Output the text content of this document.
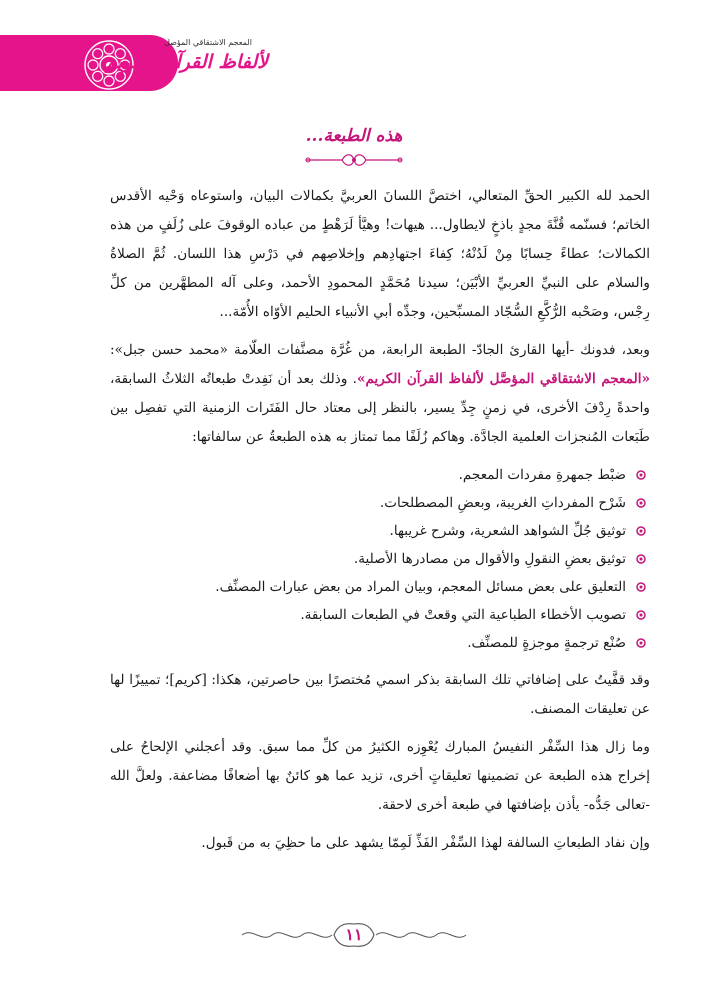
المعجم الاشتقاقي المؤصل
لألفاظ القرآن الكريم
هذه الطبعة...

الحمد لله الكبير الحقِّ المتعالي، اختصَّ اللسانَ العربيَّ بكمالات البيان، واستوعاه وَحْيه الأقدس الخاتم؛ فسنّمه قُنَّةَ مجدٍ باذخٍ لايطاول... هيهات! وهيَّأ لَرَهْطٍ من عباده الوقوفَ على زُلَفٍ من هذه الكمالات؛ عطاءً حِسابًا مِنْ لَدُنْهُ؛ كِفاءَ اجتهادِهم وإخلاصِهم في دَرْسِ هذا اللسان. ثُمَّ الصلاةُ والسلام على النبيِّ العربيِّ الأبْيَن؛ سيدنا مُحَمَّدٍ المحمودِ الأحمد، وعلى آله المطهَّرين من كلِّ رِجْس، وصَحْبه الرُّكَّعِ السُّجّاد المسبِّحين، وجدِّه أبي الأنبياء الحليم الأوّاه الأُمّة...

وبعد، فدونك -أيها القارئ الجادّ- الطبعة الرابعة، من غُرَّة مصنَّفات العلّامة «محمد حسن جبل»: «المعجم الاشتقاقي المؤصَّل لألفاظ القرآن الكريم». وذلك بعد أن نَفِدتْ طبعاتُه الثلاثُ السابقة، واحدةً رِدْفَ الأخرى، في زمنٍ جِدِّ يسير، بالنظر إلى معتاد حال الفَتَرات الزمنية التي تفصِل بين طَبَعات المُنجزات العلمية الجادَّة. وهاكم زُلَفًا مما تمتاز به هذه الطبعةُ عن سالفاتها:

ضبْط جمهرةِ مفردات المعجم.
شَرْح المفرداتِ الغريبة، وبعضِ المصطلحات.
توثيق جُلِّ الشواهد الشعرية، وشرح غريبها.
توثيق بعضِ النقولِ والأقوال من مصادرها الأصلية.
التعليق على بعض مسائل المعجم، وبيان المراد من بعض عبارات المصنِّف.
تصويب الأخطاء الطباعية التي وقعتْ في الطبعات السابقة.
صُنْع ترجمةٍ موجزةٍ للمصنِّف.

وقد قفَّيتُ على إضافاتي تلك السابقة بذكر اسمي مُختصرًا بين حاصرتين، هكذا: [كريم]؛ تمييزًا لها عن تعليقات المصنف.

وما زال هذا السِّفْر النفيسُ المبارك يُعْوِزه الكثيرُ من كلِّ مما سبق. وقد أعجلني الإلحاحُ على إخراج هذه الطبعة عن تضمينها تعليقاتٍ أخرى، تزيد عما هو كائنٌ بها أضعافًا مضاعفة. ولعلَّ الله -تعالى جَدُّه- يأذن بإضافتها في طبعة أخرى لاحقة.

وإن نفاد الطبعاتِ السالفة لهذا السِّفْر الفَذِّ لَمِمّا يشهد على ما حظِيَ به من قَبول.

١١
